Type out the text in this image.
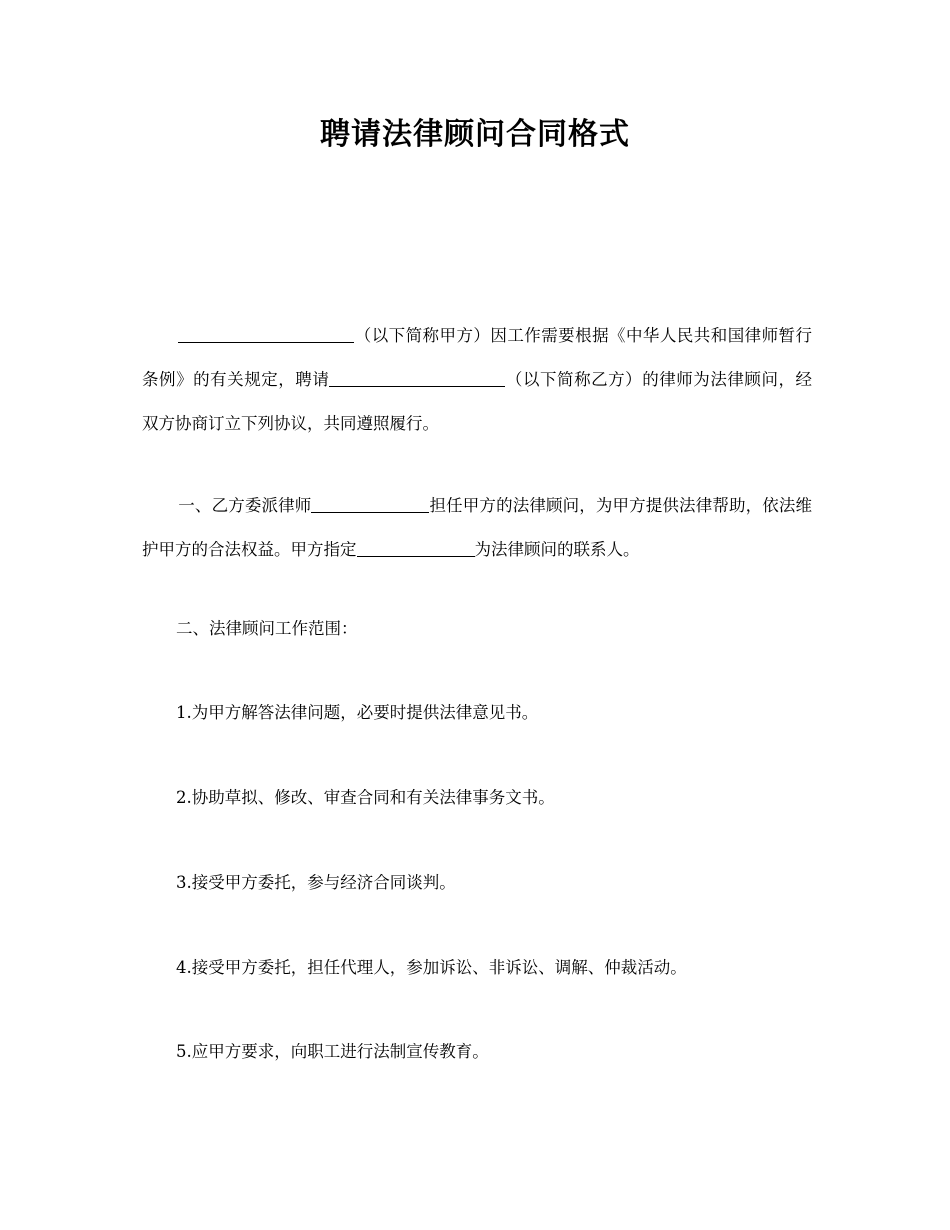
聘请法律顾问合同格式

（以下简称甲方）因工作需要根据《中华人民共和国律师暂行条例》的有关规定，聘请	（以下简称乙方）的律师为法律顾问，经双方协商订立下列协议，共同遵照履行。

一、乙方委派律师	担任甲方的法律顾问，为甲方提供法律帮助，依法维护甲方的合法权益。甲方指定	为法律顾问的联系人。

二、法律顾问工作范围：
1.为甲方解答法律问题，必要时提供法律意见书。
2.协助草拟、修改、审查合同和有关法律事务文书。
3.接受甲方委托，参与经济合同谈判。
4.接受甲方委托，担任代理人，参加诉讼、非诉讼、调解、仲裁活动。
5.应甲方要求，向职工进行法制宣传教育。
